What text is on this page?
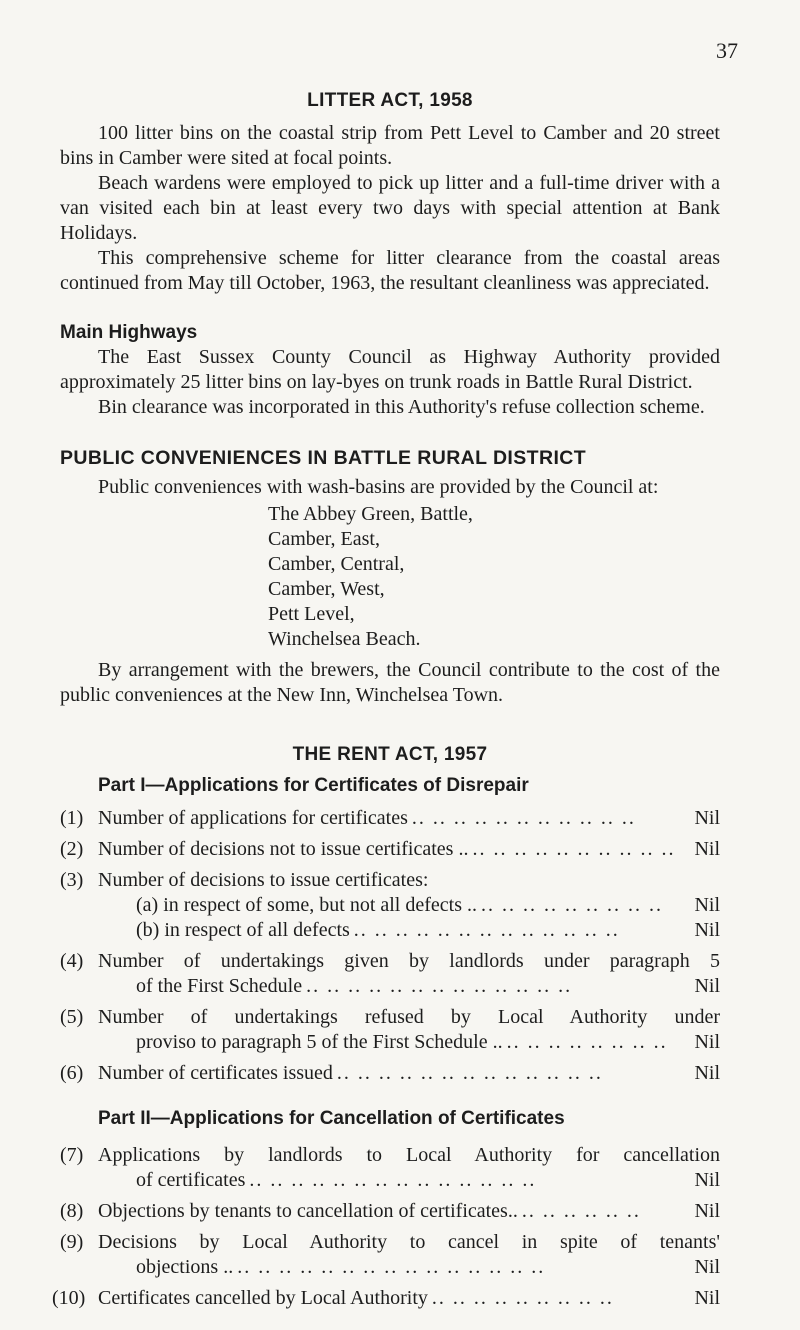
37
LITTER ACT, 1958

100 litter bins on the coastal strip from Pett Level to Camber and 20 street bins in Camber were sited at focal points.

Beach wardens were employed to pick up litter and a full-time driver with a van visited each bin at least every two days with special attention at Bank Holidays.

This comprehensive scheme for litter clearance from the coastal areas continued from May till October, 1963, the resultant cleanliness was appreciated.

Main Highways

The East Sussex County Council as Highway Authority provided approximately 25 litter bins on lay-byes on trunk roads in Battle Rural District.

Bin clearance was incorporated in this Authority's refuse collection scheme.

PUBLIC CONVENIENCES IN BATTLE RURAL DISTRICT

Public conveniences with wash-basins are provided by the Council at:

The Abbey Green, Battle,
Camber, East,
Camber, Central,
Camber, West,
Pett Level,
Winchelsea Beach.

By arrangement with the brewers, the Council contribute to the cost of the public conveniences at the New Inn, Winchelsea Town.

THE RENT ACT, 1957
Part I—Applications for Certificates of Disrepair
(1) Number of applications for certificates .. .. .. .. .. .. .. .. .. .. ..	Nil
(2) Number of decisions not to issue certificates .. .. .. .. .. .. .. .. .. .. .. Nil
(3) Number of decisions to issue certificates:
(a) in respect of some, but not all defects .. .. .. .. .. .. .. .. .. ..	Nil
(b) in respect of all defects .. .. .. .. .. .. .. .. .. .. .. .. ..	Nil
(4) Number of undertakings given by landlords under paragraph 5
of the First Schedule .. .. .. .. .. .. .. .. .. .. .. .. ..	Nil
(5) Number of undertakings refused by Local Authority under
proviso to paragraph 5 of the First Schedule .. .. .. .. .. .. .. .. ..	Nil
(6) Number of certificates issued .. .. .. .. .. .. .. .. .. .. .. .. ..	Nil
Part II—Applications for Cancellation of Certificates
(7) Applications by landlords to Local Authority for cancellation
of certificates .. .. .. .. .. .. .. .. .. .. .. .. .. ..	Nil
(8) Objections by tenants to cancellation of certificates.. .. .. .. .. .. ..	Nil
(9) Decisions by Local Authority to cancel in spite of tenants'
objections .. .. .. .. .. .. .. .. .. .. .. .. .. .. .. ..	Nil
(10) Certificates cancelled by Local Authority .. .. .. .. .. .. .. .. ..	Nil
